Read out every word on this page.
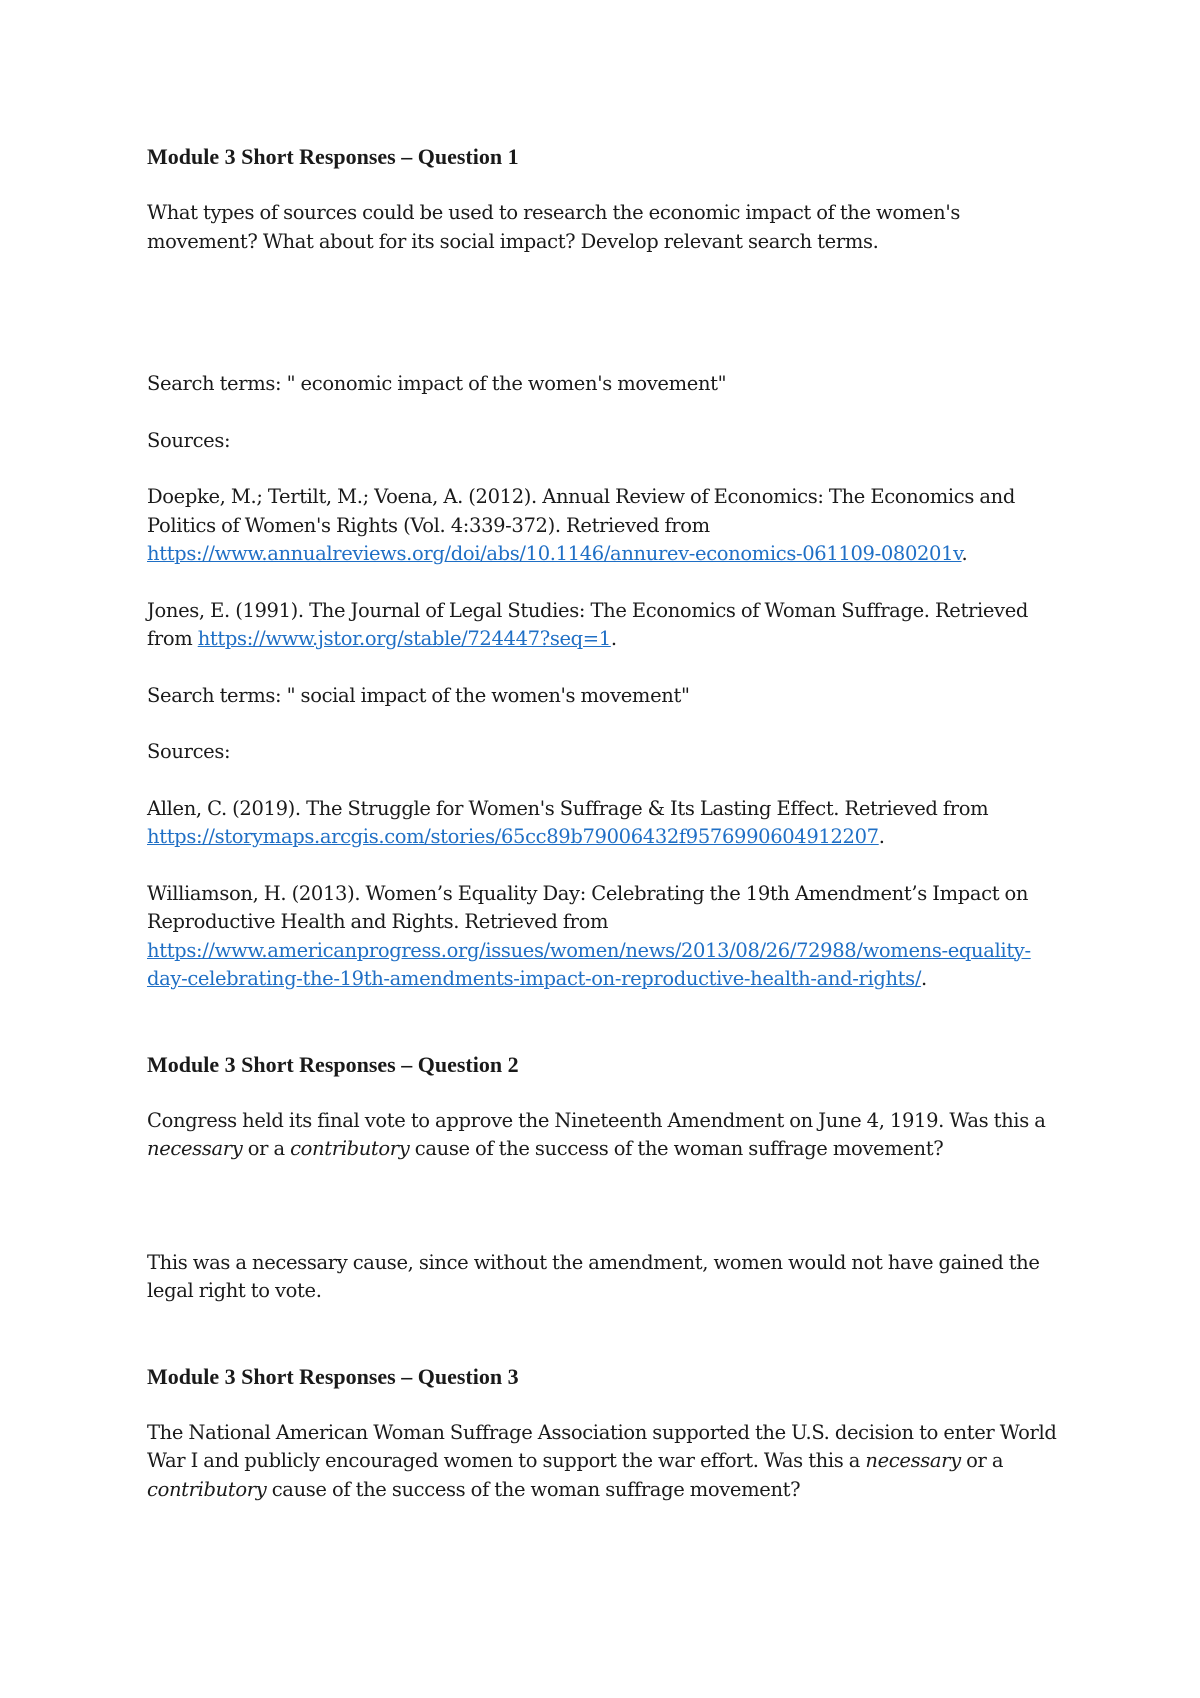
Module 3 Short Responses – Question 1

What types of sources could be used to research the economic impact of the women's movement? What about for its social impact? Develop relevant search terms.

Search terms: " economic impact of the women's movement"

Sources:

Doepke, M.; Tertilt, M.; Voena, A. (2012). Annual Review of Economics: The Economics and Politics of Women's Rights (Vol. 4:339-372). Retrieved from https://www.annualreviews.org/doi/abs/10.1146/annurev-economics-061109-080201v.

Jones, E. (1991). The Journal of Legal Studies: The Economics of Woman Suffrage. Retrieved from https://www.jstor.org/stable/724447?seq=1.

Search terms: " social impact of the women's movement"

Sources:

Allen, C. (2019). The Struggle for Women's Suffrage & Its Lasting Effect. Retrieved from https://storymaps.arcgis.com/stories/65cc89b79006432f9576990604912207.

Williamson, H. (2013). Women’s Equality Day: Celebrating the 19th Amendment’s Impact on Reproductive Health and Rights. Retrieved from https://www.americanprogress.org/issues/women/news/2013/08/26/72988/womens-equality-day-celebrating-the-19th-amendments-impact-on-reproductive-health-and-rights/.

Module 3 Short Responses – Question 2

Congress held its final vote to approve the Nineteenth Amendment on June 4, 1919. Was this a necessary or a contributory cause of the success of the woman suffrage movement?

This was a necessary cause, since without the amendment, women would not have gained the legal right to vote.

Module 3 Short Responses – Question 3

The National American Woman Suffrage Association supported the U.S. decision to enter World War I and publicly encouraged women to support the war effort. Was this a necessary or a contributory cause of the success of the woman suffrage movement?
